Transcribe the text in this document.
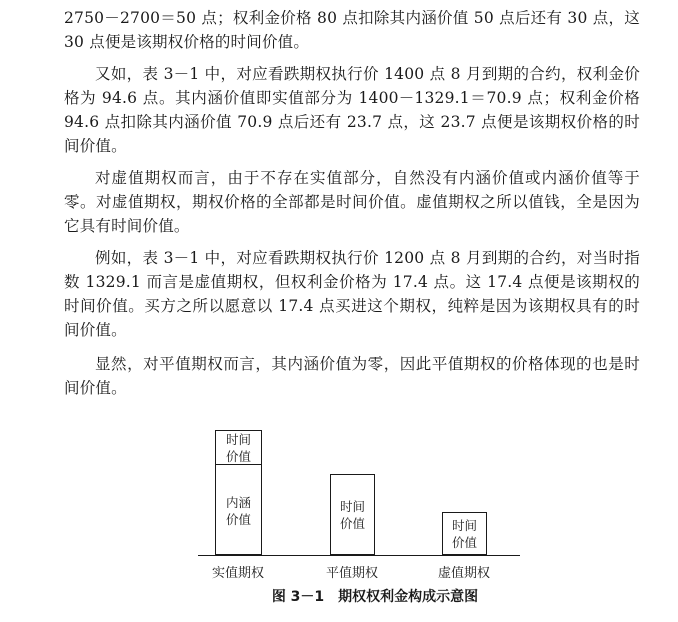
2750－2700＝50 点；权利金价格 80 点扣除其内涵价值 50 点后还有 30 点，这 30 点便是该期权价格的时间价值。

又如，表 3－1 中，对应看跌期权执行价 1400 点 8 月到期的合约，权利金价格为 94.6 点。其内涵价值即实值部分为 1400－1329.1＝70.9 点；权利金价格 94.6 点扣除其内涵价值 70.9 点后还有 23.7 点，这 23.7 点便是该期权价格的时间价值。

对虚值期权而言，由于不存在实值部分，自然没有内涵价值或内涵价值等于零。对虚值期权，期权价格的全部都是时间价值。虚值期权之所以值钱，全是因为它具有时间价值。

例如，表 3－1 中，对应看跌期权执行价 1200 点 8 月到期的合约，对当时指数 1329.1 而言是虚值期权，但权利金价格为 17.4 点。这 17.4 点便是该期权的时间价值。买方之所以愿意以 17.4 点买进这个期权，纯粹是因为该期权具有的时间价值。

显然，对平值期权而言，其内涵价值为零，因此平值期权的价格体现的也是时间价值。

时间
价值
内涵
价值
时间
价值	时间
价值
实值期权	平值期权	虚值期权
图 3－1　期权权利金构成示意图
